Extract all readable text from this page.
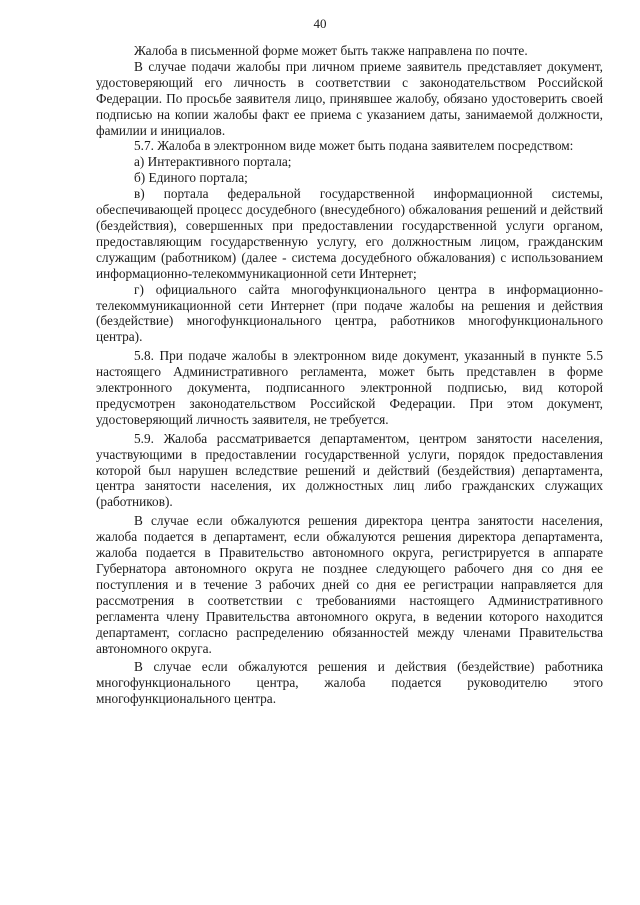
40

Жалоба в письменной форме может быть также направлена по почте.

В случае подачи жалобы при личном приеме заявитель представляет документ, удостоверяющий его личность в соответствии с законодательством Российской Федерации. По просьбе заявителя лицо, принявшее жалобу, обязано удостоверить своей подписью на копии жалобы факт ее приема с указанием даты, занимаемой должности, фамилии и инициалов.

5.7. Жалоба в электронном виде может быть подана заявителем посредством:

а) Интерактивного портала;

б) Единого портала;

в) портала федеральной государственной информационной системы, обеспечивающей процесс досудебного (внесудебного) обжалования решений и действий (бездействия), совершенных при предоставлении государственной услуги органом, предоставляющим государственную услугу, его должностным лицом, гражданским служащим (работником) (далее - система досудебного обжалования) с использованием информационно-телекоммуникационной сети Интернет;

г) официального сайта многофункционального центра в информационно-телекоммуникационной сети Интернет (при подаче жалобы на решения и действия (бездействие) многофункционального центра, работников многофункционального центра).

5.8. При подаче жалобы в электронном виде документ, указанный в пункте 5.5 настоящего Административного регламента, может быть представлен в форме электронного документа, подписанного электронной подписью, вид которой предусмотрен законодательством Российской Федерации. При этом документ, удостоверяющий личность заявителя, не требуется.

5.9. Жалоба рассматривается департаментом, центром занятости населения, участвующими в предоставлении государственной услуги, порядок предоставления которой был нарушен вследствие решений и действий (бездействия) департамента, центра занятости населения, их должностных лиц либо гражданских служащих (работников).

В случае если обжалуются решения директора центра занятости населения, жалоба подается в департамент, если обжалуются решения директора департамента, жалоба подается в Правительство автономного округа, регистрируется в аппарате Губернатора автономного округа не позднее следующего рабочего дня со дня ее поступления и в течение 3 рабочих дней со дня ее регистрации направляется для рассмотрения в соответствии с требованиями настоящего Административного регламента члену Правительства автономного округа, в ведении которого находится департамент, согласно распределению обязанностей между членами Правительства автономного округа.

В случае если обжалуются решения и действия (бездействие) работника многофункционального центра, жалоба подается руководителю этого многофункционального центра.
